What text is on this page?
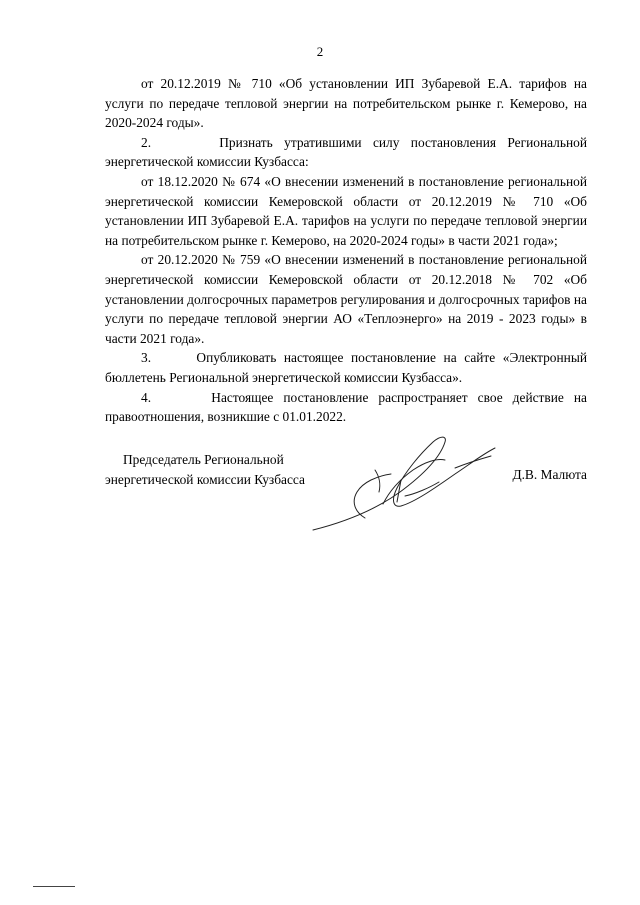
2

от 20.12.2019 № 710 «Об установлении ИП Зубаревой Е.А. тарифов на услуги по передаче тепловой энергии на потребительском рынке г. Кемерово, на 2020-2024 годы».

2.      Признать утратившими силу постановления Региональной энергетической комиссии Кузбасса:

от 18.12.2020 № 674 «О внесении изменений в постановление региональной энергетической комиссии Кемеровской области от 20.12.2019 № 710 «Об установлении ИП Зубаревой Е.А. тарифов на услуги по передаче тепловой энергии на потребительском рынке г. Кемерово, на 2020-2024 годы» в части 2021 года»;

от 20.12.2020 № 759 «О внесении изменений в постановление региональной энергетической комиссии Кемеровской области от 20.12.2018 № 702 «Об установлении долгосрочных параметров регулирования и долгосрочных тарифов на услуги по передаче тепловой энергии АО «Теплоэнерго» на 2019 - 2023 годы» в части 2021 года».

3.      Опубликовать настоящее постановление на сайте «Электронный бюллетень Региональной энергетической комиссии Кузбасса».

4.      Настоящее постановление распространяет свое действие на правоотношения, возникшие с 01.01.2022.

Председатель Региональной
энергетической комиссии Кузбасса	Д.В. Малюта
